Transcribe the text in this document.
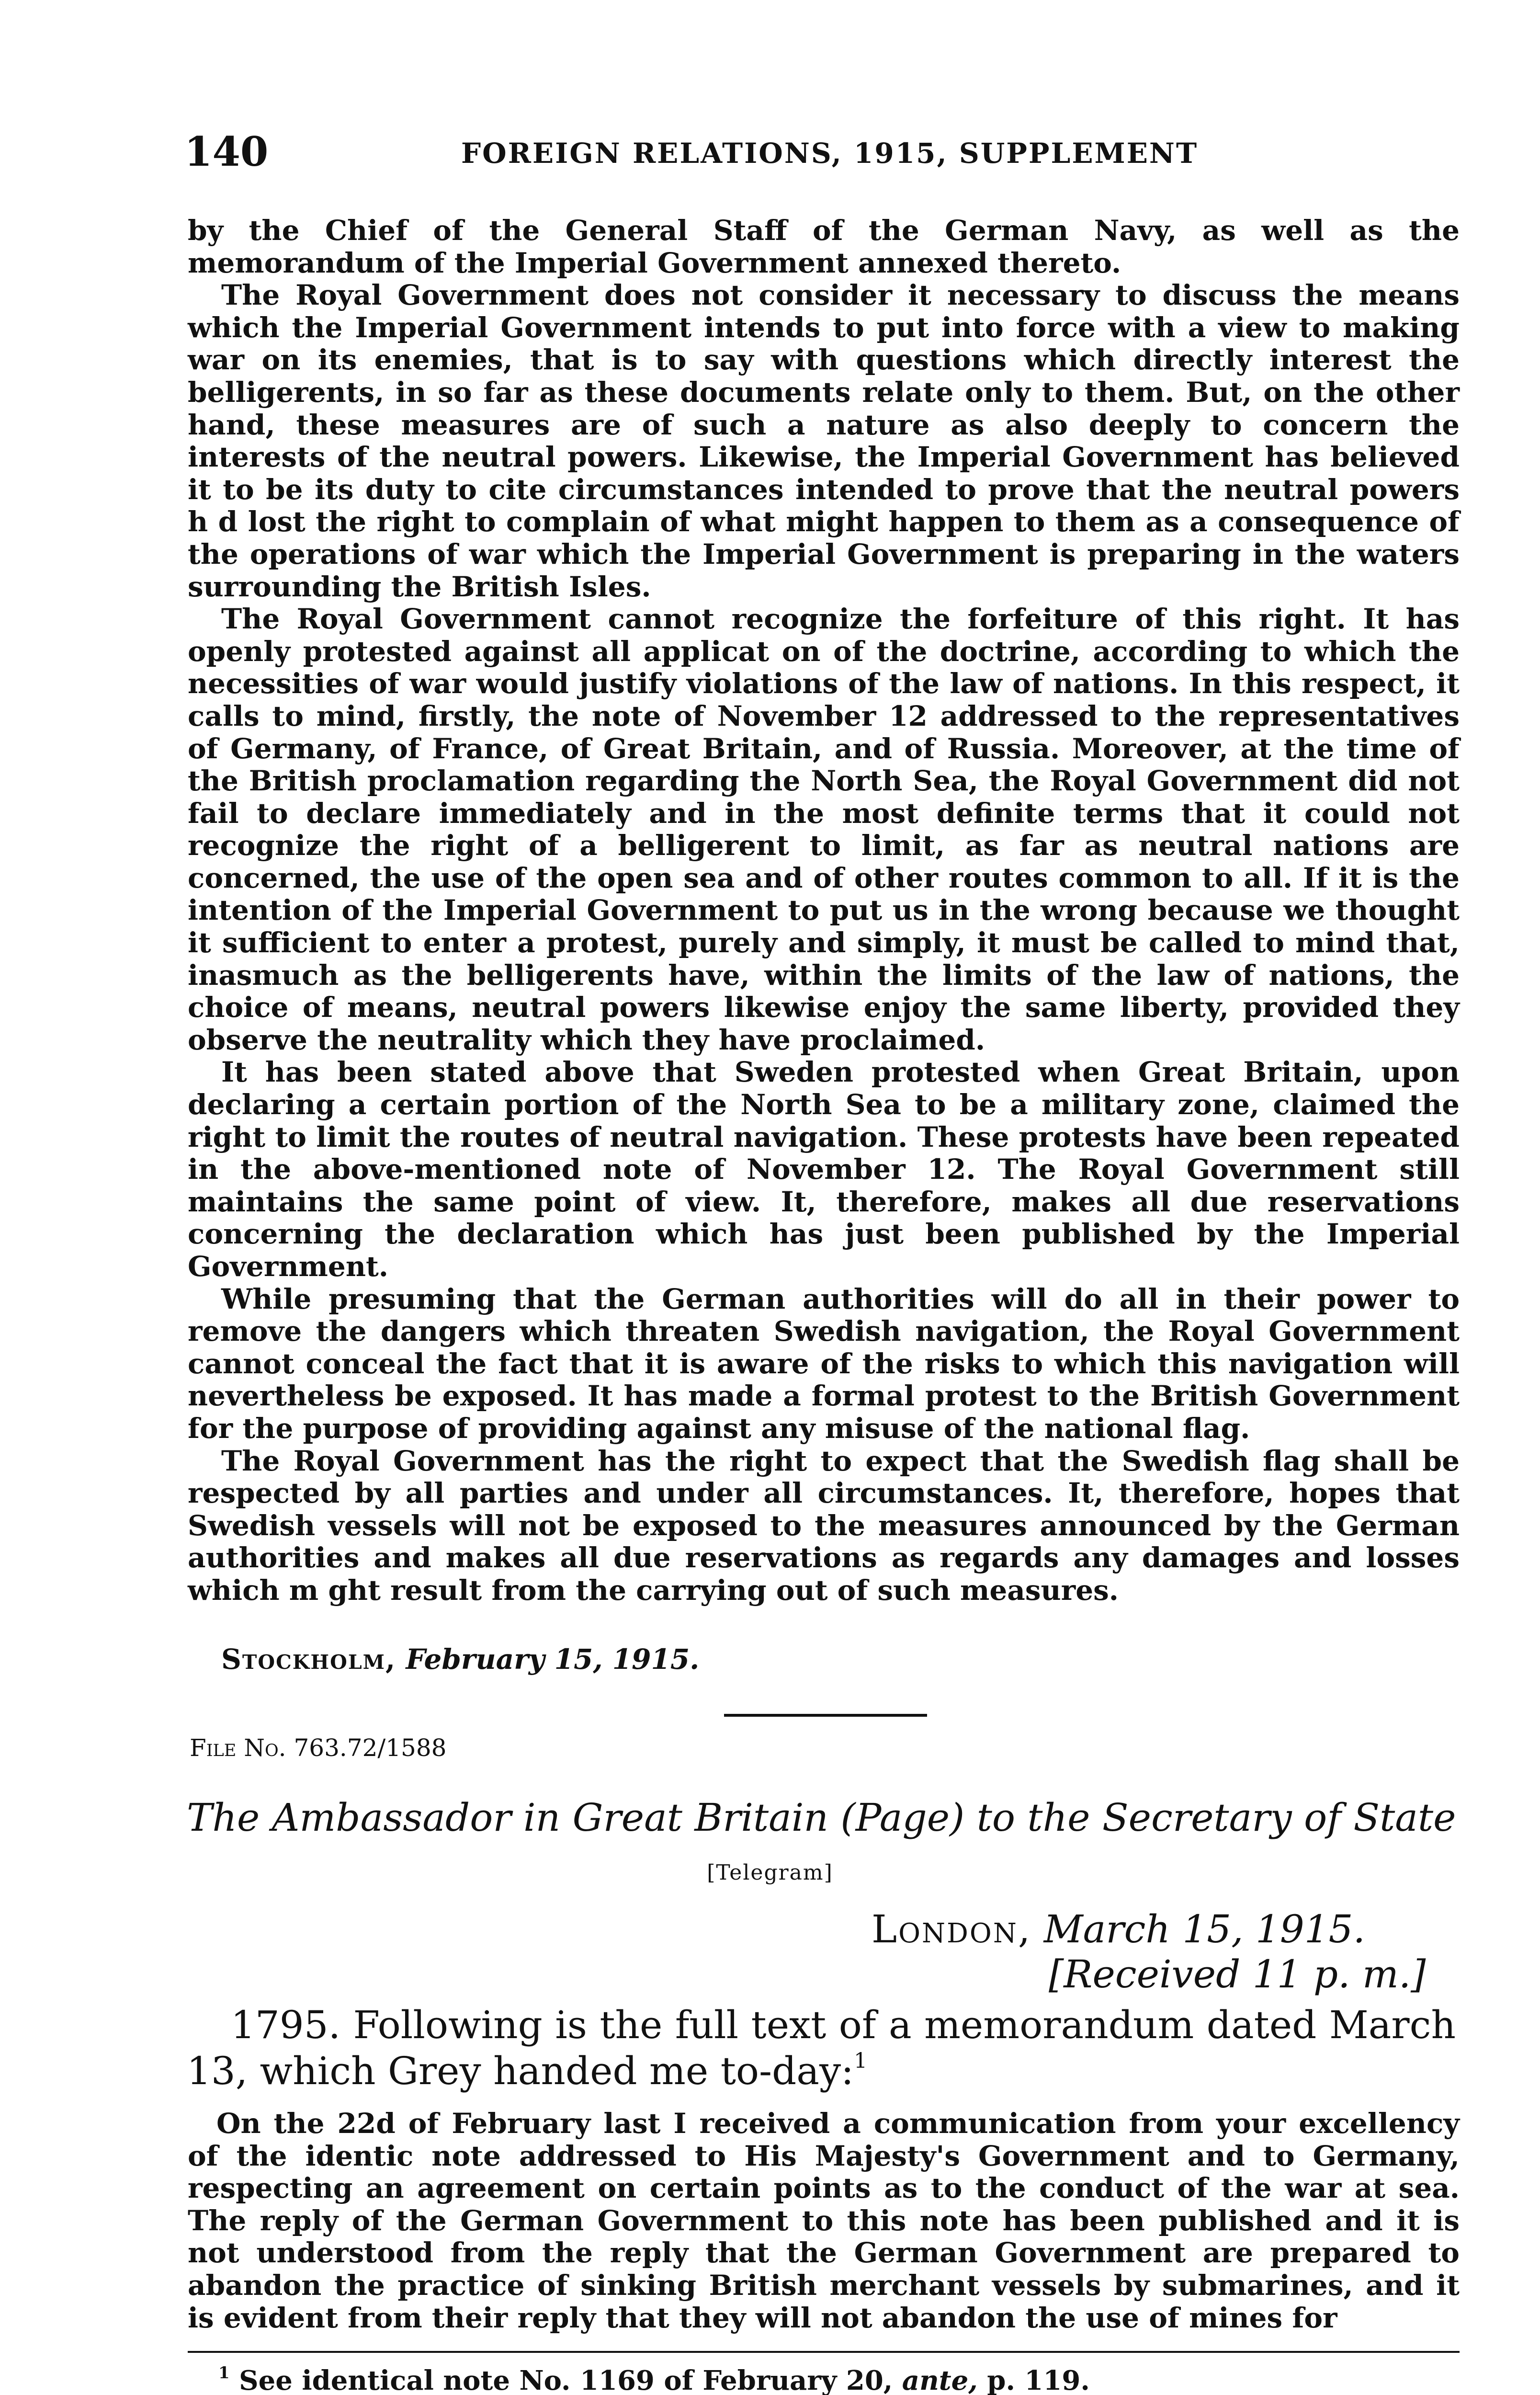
140	FOREIGN RELATIONS, 1915, SUPPLEMENT

by the Chief of the General Staff of the German Navy, as well as the memorandum of the Imperial Government annexed thereto.

The Royal Government does not consider it necessary to discuss the means which the Imperial Government intends to put into force with a view to making war on its enemies, that is to say with questions which directly interest the belligerents, in so far as these documents relate only to them. But, on the other hand, these measures are of such a nature as also deeply to concern the interests of the neutral powers. Likewise, the Imperial Government has believed it to be its duty to cite circumstances intended to prove that the neutral powers h d lost the right to complain of what might happen to them as a consequence of the operations of war which the Imperial Government is preparing in the waters surrounding the British Isles.

The Royal Government cannot recognize the forfeiture of this right. It has openly protested against all applicat on of the doctrine, according to which the necessities of war would justify violations of the law of nations. In this respect, it calls to mind, firstly, the note of November 12 addressed to the representatives of Germany, of France, of Great Britain, and of Russia. Moreover, at the time of the British proclamation regarding the North Sea, the Royal Government did not fail to declare immediately and in the most definite terms that it could not recognize the right of a belligerent to limit, as far as neutral nations are concerned, the use of the open sea and of other routes common to all. If it is the intention of the Imperial Government to put us in the wrong because we thought it sufficient to enter a protest, purely and simply, it must be called to mind that, inasmuch as the belligerents have, within the limits of the law of nations, the choice of means, neutral powers likewise enjoy the same liberty, provided they observe the neutrality which they have proclaimed.

It has been stated above that Sweden protested when Great Britain, upon declaring a certain portion of the North Sea to be a military zone, claimed the right to limit the routes of neutral navigation. These protests have been repeated in the above-mentioned note of November 12. The Royal Government still maintains the same point of view. It, therefore, makes all due reservations concerning the declaration which has just been published by the Imperial Government.

While presuming that the German authorities will do all in their power to remove the dangers which threaten Swedish navigation, the Royal Government cannot conceal the fact that it is aware of the risks to which this navigation will nevertheless be exposed. It has made a formal protest to the British Government for the purpose of providing against any misuse of the national flag.

The Royal Government has the right to expect that the Swedish flag shall be respected by all parties and under all circumstances. It, therefore, hopes that Swedish vessels will not be exposed to the measures announced by the German authorities and makes all due reservations as regards any damages and losses which m ght result from the carrying out of such measures.

Stockholm, February 15, 1915.
File No. 763.72/1588
The Ambassador in Great Britain (Page) to the Secretary of State
[Telegram]
London, March 15, 1915.
[Received 11 p. m.]
1795. Following is the full text of a memorandum dated March 13, which Grey handed me to-day:$^1$

On the 22d of February last I received a communication from your excellency of the identic note addressed to His Majesty's Government and to Germany, respecting an agreement on certain points as to the conduct of the war at sea. The reply of the German Government to this note has been published and it is not understood from the reply that the German Government are prepared to abandon the practice of sinking British merchant vessels by submarines, and it is evident from their reply that they will not abandon the use of mines for

$^1$ See identical note No. 1169 of February 20, ante, p. 119.
